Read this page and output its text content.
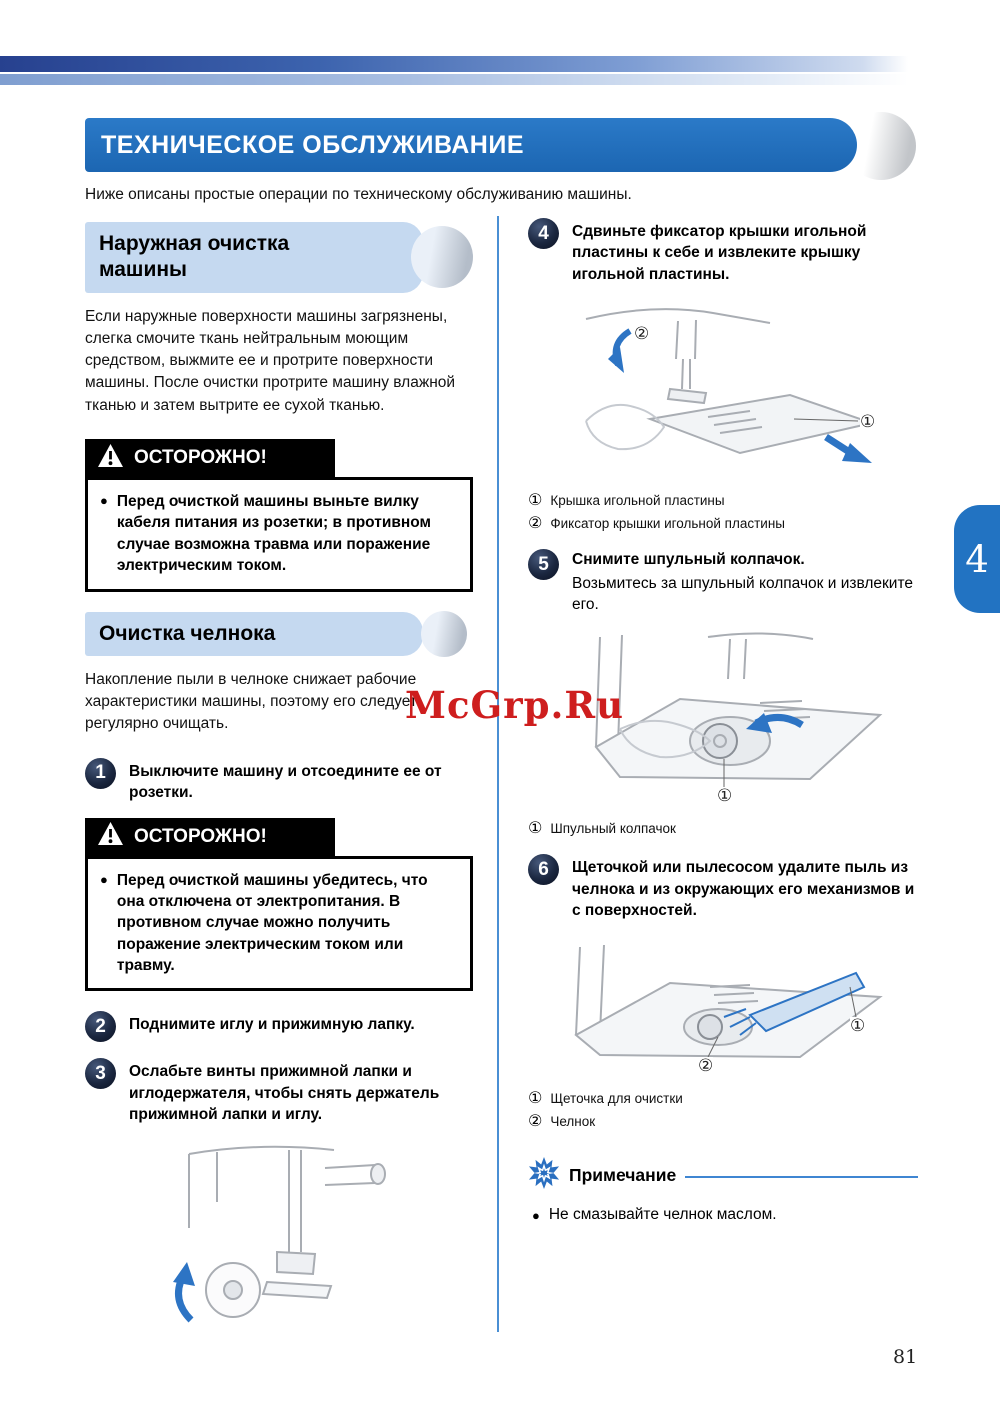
ТЕХНИЧЕСКОЕ ОБСЛУЖИВАНИЕ

Ниже описаны простые операции по техническому обслуживанию машины.

4
McGrp.Ru
81
Наружная очистка машины

Если наружные поверхности машины загрязнены, слегка смочите ткань нейтральным моющим средством, выжмите ее и протрите поверхности машины. После очистки протрите машину влажной тканью и затем вытрите ее сухой тканью.

ОСТОРОЖНО!
● Перед очисткой машины выньте вилку кабеля питания из розетки; в противном случае возможна травма или поражение электрическим током.

Очистка челнока

Накопление пыли в челноке снижает рабочие характеристики машины, поэтому его следует регулярно очищать.

1	Выключите машину и отсоедините ее от розетки.
ОСТОРОЖНО!
● Перед очисткой машины убедитесь, что она отключена от электропитания. В противном случае можно получить поражение электрическим током или травму.

2	Поднимите иглу и прижимную лапку.
3	Ослабьте винты прижимной лапки и иглодержателя, чтобы снять держатель прижимной лапки и иглу.
4	Сдвиньте фиксатор крышки игольной пластины к себе и извлеките крышку игольной пластины.
②
①
① Крышка игольной пластины
② Фиксатор крышки игольной пластины
5	Снимите шпульный колпачок.
Возьмитесь за шпульный колпачок и извлеките его.
①
① Шпульный колпачок
6	Щеточкой или пылесосом удалите пыль из челнока и из окружающих его механизмов и с поверхностей.
①
②
① Щеточка для очистки
② Челнок
Примечание
● Не смазывайте челнок маслом.
